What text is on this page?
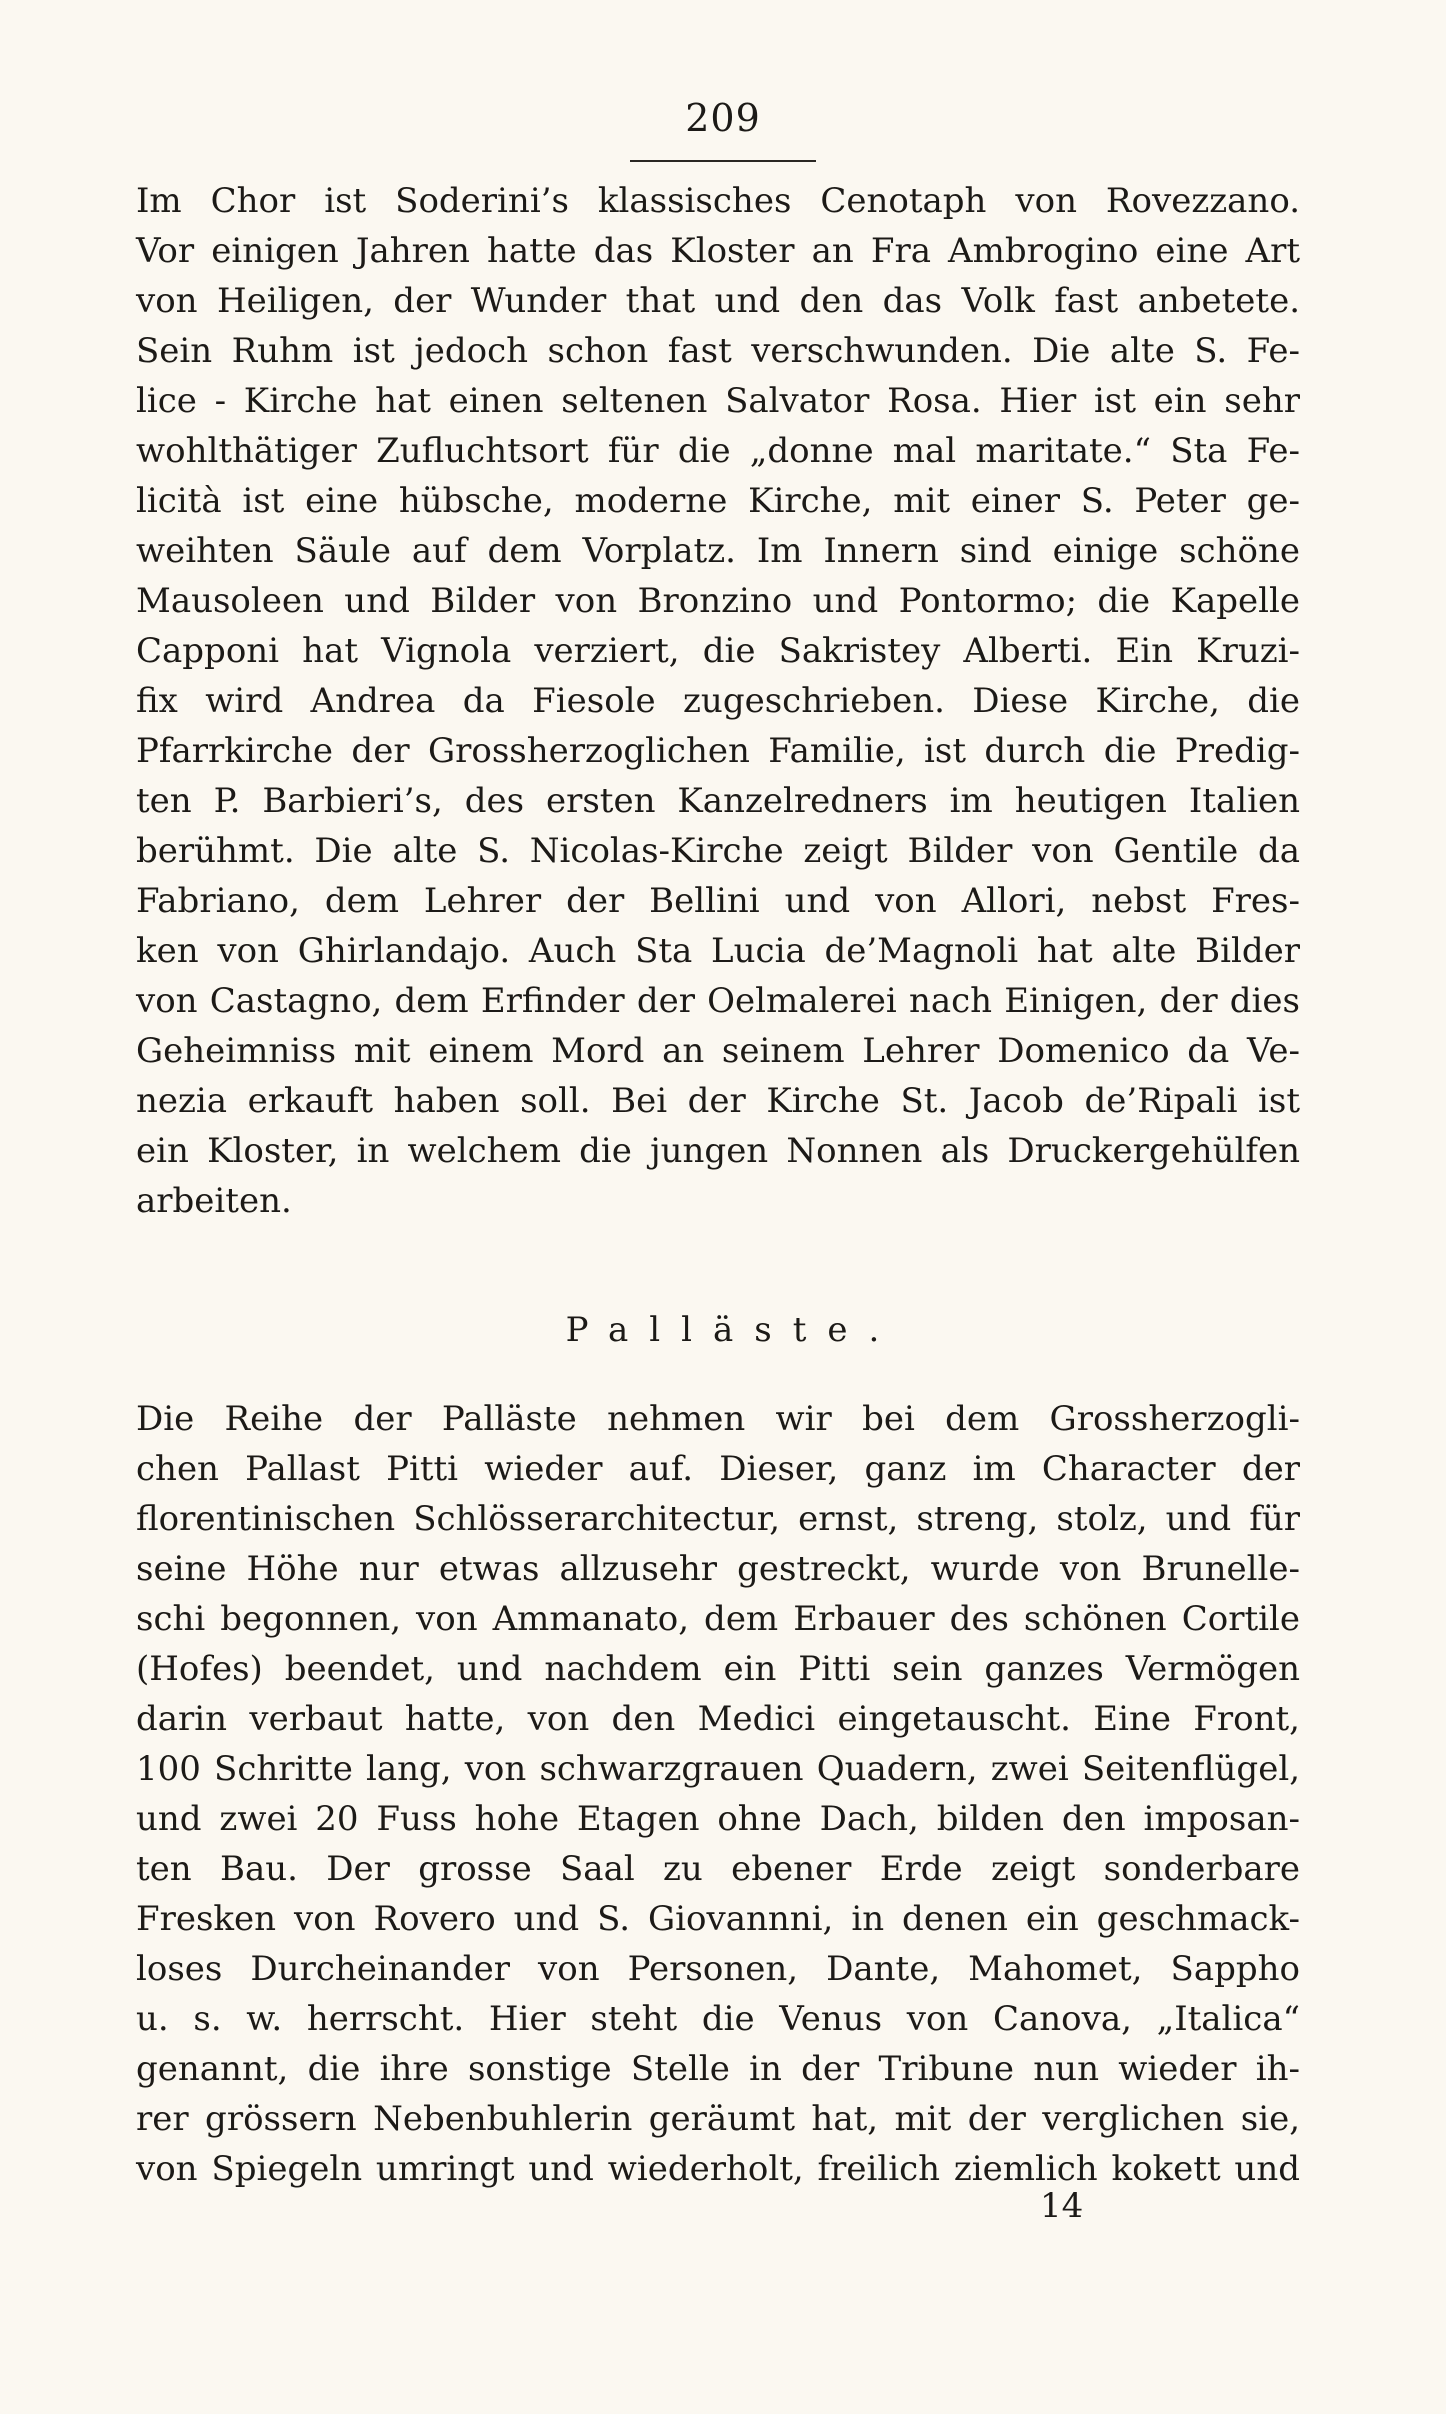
209
Im Chor ist Soderini’s klassisches Cenotaph von Rovezzano.
Vor einigen Jahren hatte das Kloster an Fra Ambrogino eine Art
von Heiligen, der Wunder that und den das Volk fast anbetete.
Sein Ruhm ist jedoch schon fast verschwunden. Die alte S. Fe-
lice - Kirche hat einen seltenen Salvator Rosa. Hier ist ein sehr
wohlthätiger Zufluchtsort für die „donne mal maritate.“ Sta Fe-
licità ist eine hübsche, moderne Kirche, mit einer S. Peter ge-
weihten Säule auf dem Vorplatz. Im Innern sind einige schöne
Mausoleen und Bilder von Bronzino und Pontormo; die Kapelle
Capponi hat Vignola verziert, die Sakristey Alberti. Ein Kruzi-
fix wird Andrea da Fiesole zugeschrieben. Diese Kirche, die
Pfarrkirche der Grossherzoglichen Familie, ist durch die Predig-
ten P. Barbieri’s, des ersten Kanzelredners im heutigen Italien
berühmt. Die alte S. Nicolas-Kirche zeigt Bilder von Gentile da
Fabriano, dem Lehrer der Bellini und von Allori, nebst Fres-
ken von Ghirlandajo. Auch Sta Lucia de’Magnoli hat alte Bilder
von Castagno, dem Erfinder der Oelmalerei nach Einigen, der dies
Geheimniss mit einem Mord an seinem Lehrer Domenico da Ve-
nezia erkauft haben soll. Bei der Kirche St. Jacob de’Ripali ist
ein Kloster, in welchem die jungen Nonnen als Druckergehülfen
arbeiten.
Palläste.
Die Reihe der Palläste nehmen wir bei dem Grossherzogli-
chen Pallast Pitti wieder auf. Dieser, ganz im Character der
florentinischen Schlösserarchitectur, ernst, streng, stolz, und für
seine Höhe nur etwas allzusehr gestreckt, wurde von Brunelle-
schi begonnen, von Ammanato, dem Erbauer des schönen Cortile
(Hofes) beendet, und nachdem ein Pitti sein ganzes Vermögen
darin verbaut hatte, von den Medici eingetauscht. Eine Front,
100 Schritte lang, von schwarzgrauen Quadern, zwei Seitenflügel,
und zwei 20 Fuss hohe Etagen ohne Dach, bilden den imposan-
ten Bau. Der grosse Saal zu ebener Erde zeigt sonderbare
Fresken von Rovero und S. Giovannni, in denen ein geschmack-
loses Durcheinander von Personen, Dante, Mahomet, Sappho
u. s. w. herrscht. Hier steht die Venus von Canova, „Italica“
genannt, die ihre sonstige Stelle in der Tribune nun wieder ih-
rer grössern Nebenbuhlerin geräumt hat, mit der verglichen sie,
von Spiegeln umringt und wiederholt, freilich ziemlich kokett und
14
